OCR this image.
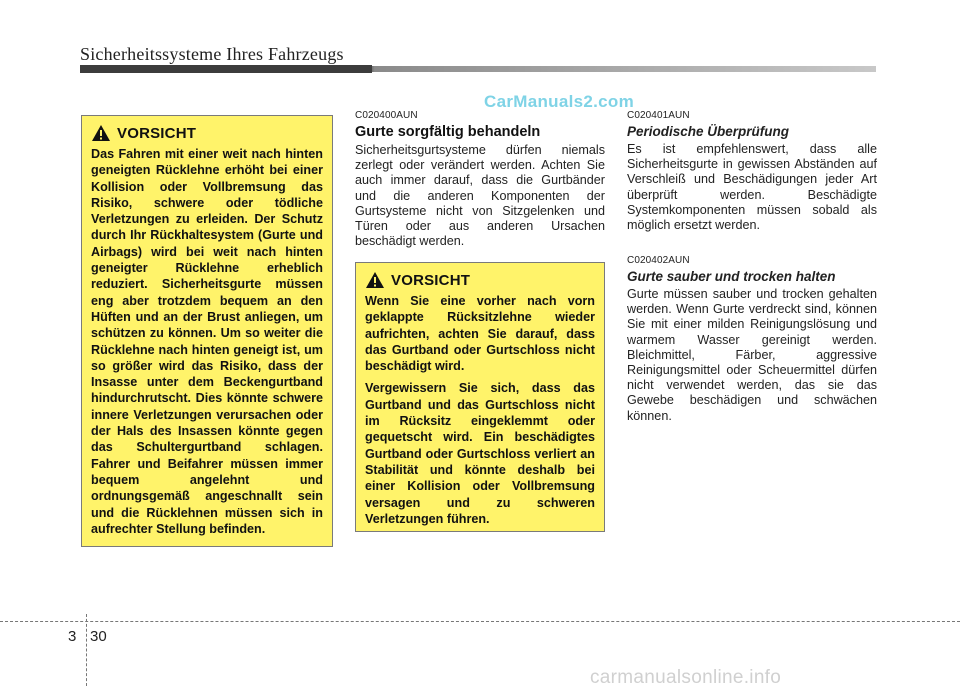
Sicherheitssysteme Ihres Fahrzeugs
CarManuals2.com
VORSICHT

Das Fahren mit einer weit nach hinten geneigten Rücklehne erhöht bei einer Kollision oder Vollbremsung das Risiko, schwere oder tödliche Verletzungen zu erleiden. Der Schutz durch Ihr Rückhaltesystem (Gurte und Airbags) wird bei weit nach hinten geneigter Rücklehne erheblich reduziert. Sicherheitsgurte müssen eng aber trotzdem bequem an den Hüften und an der Brust anliegen, um schützen zu können. Um so weiter die Rücklehne nach hinten geneigt ist, um so größer wird das Risiko, dass der Insasse unter dem Beckengurtband hindurchrutscht. Dies könnte schwere innere Verletzungen verursachen oder der Hals des Insassen könnte gegen das Schultergurtband schlagen. Fahrer und Beifahrer müssen immer bequem angelehnt und ordnungsgemäß angeschnallt sein und die Rücklehnen müssen sich in aufrechter Stellung befinden.

C020400AUN
Gurte sorgfältig behandeln
Sicherheitsgurtsysteme dürfen niemals zerlegt oder verändert werden. Achten Sie auch immer darauf, dass die Gurtbänder und die anderen Komponenten der Gurtsysteme nicht von Sitzgelenken und Türen oder aus anderen Ursachen beschädigt werden.
VORSICHT

Wenn Sie eine vorher nach vorn geklappte Rücksitzlehne wieder aufrichten, achten Sie darauf, dass das Gurtband oder Gurtschloss nicht beschädigt wird.

Vergewissern Sie sich, dass das Gurtband und das Gurtschloss nicht im Rücksitz eingeklemmt oder gequetscht wird. Ein beschädigtes Gurtband oder Gurtschloss verliert an Stabilität und könnte deshalb bei einer Kollision oder Vollbremsung versagen und zu schweren Verletzungen führen.

C020401AUN
Periodische Überprüfung
Es ist empfehlenswert, dass alle Sicherheitsgurte in gewissen Abständen auf Verschleiß und Beschädigungen jeder Art überprüft werden. Beschädigte Systemkomponenten müssen sobald als möglich ersetzt werden.
C020402AUN
Gurte sauber und trocken halten
Gurte müssen sauber und trocken gehalten werden. Wenn Gurte verdreckt sind, können Sie mit einer milden Reinigungslösung und warmem Wasser gereinigt werden. Bleichmittel, Färber, aggressive Reinigungsmittel oder Scheuermittel dürfen nicht verwendet werden, das sie das Gewebe beschädigen und schwächen können.
3 30
carmanualsonline.info
